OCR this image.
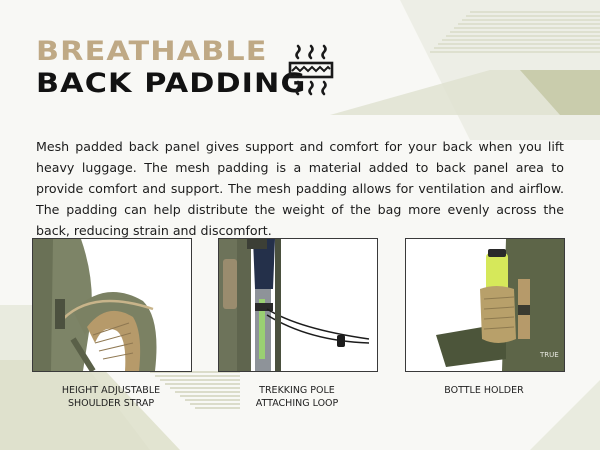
BREATHABLE
BACK PADDING

Mesh padded back panel gives support and comfort for your back when you lift heavy luggage. The mesh padding is a material added to back panel area to provide comfort and support. The mesh padding allows for ventilation and airflow. The padding can help distribute the weight of the bag more evenly across the back, reducing strain and discomfort.

TRUE
HEIGHT ADJUSTABLE
SHOULDER STRAP
TREKKING POLE
ATTACHING LOOP
BOTTLE HOLDER
